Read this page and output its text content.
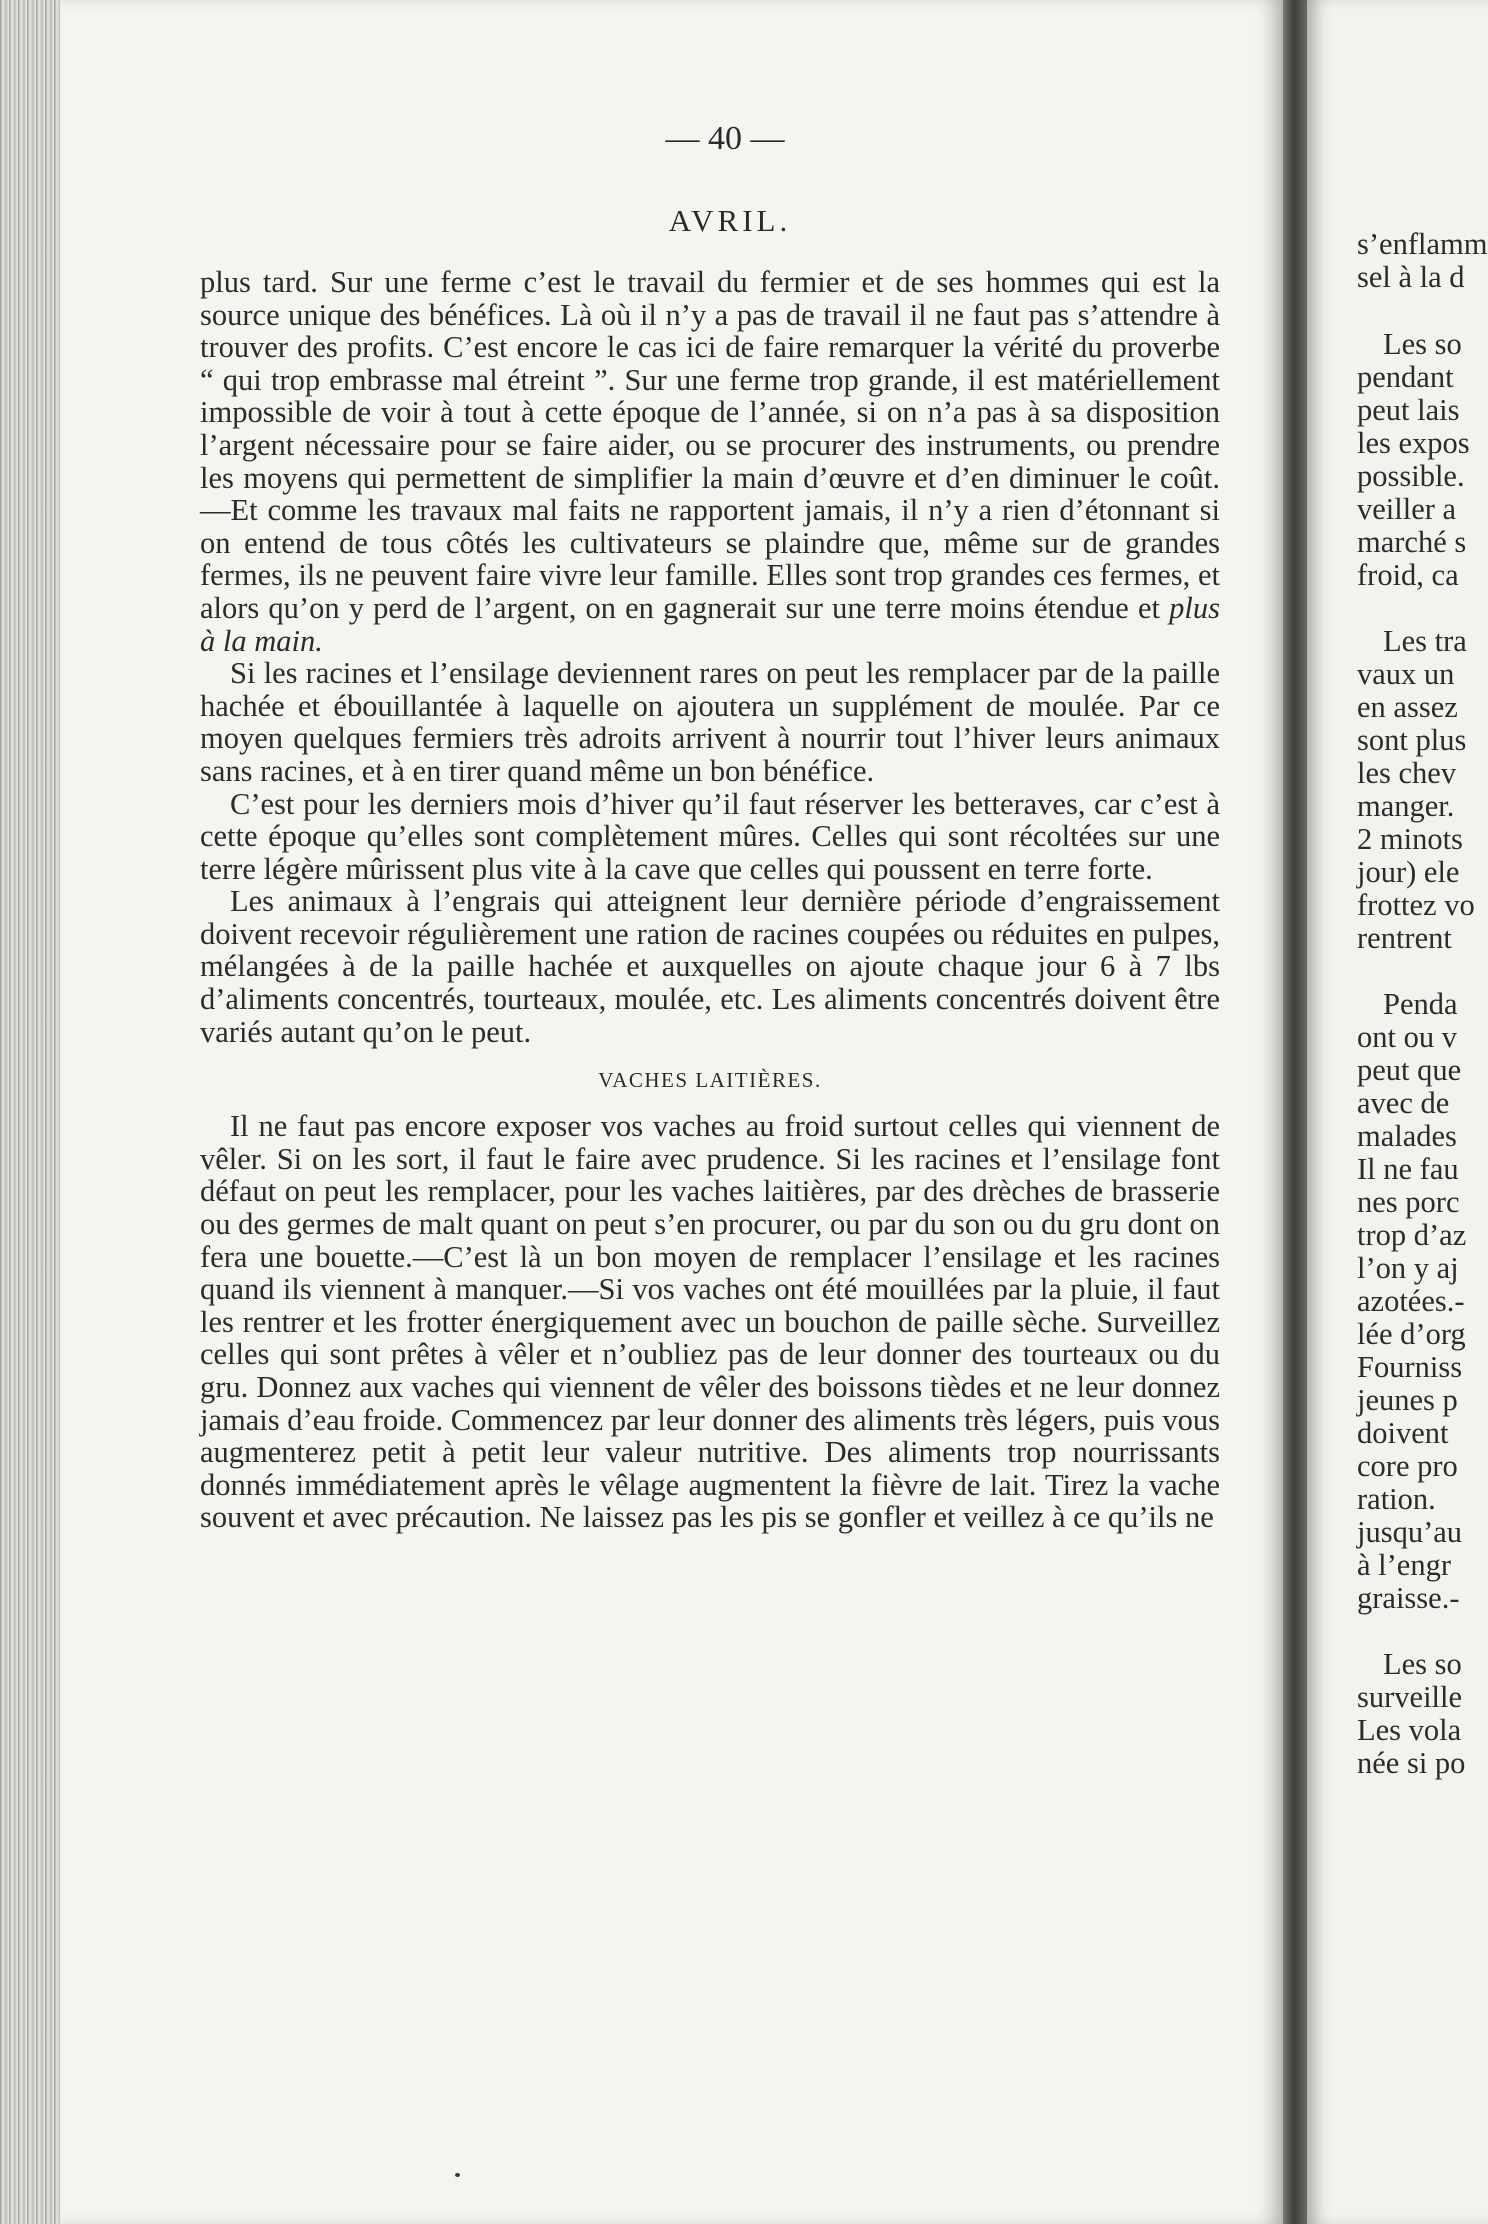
— 40 —
AVRIL.

plus tard. Sur une ferme c’est le travail du fermier et de ses hommes qui est la source unique des bénéfices. Là où il n’y a pas de travail il ne faut pas s’attendre à trouver des profits. C’est encore le cas ici de faire remarquer la vérité du proverbe “ qui trop embrasse mal étreint ”. Sur une ferme trop grande, il est matériellement impossible de voir à tout à cette époque de l’année, si on n’a pas à sa disposition l’argent nécessaire pour se faire aider, ou se procurer des instruments, ou prendre les moyens qui permettent de simplifier la main d’œuvre et d’en diminuer le coût.—Et comme les travaux mal faits ne rapportent jamais, il n’y a rien d’étonnant si on entend de tous côtés les cultivateurs se plaindre que, même sur de grandes fermes, ils ne peuvent faire vivre leur famille. Elles sont trop grandes ces fermes, et alors qu’on y perd de l’argent, on en gagnerait sur une terre moins étendue et plus à la main.

Si les racines et l’ensilage deviennent rares on peut les remplacer par de la paille hachée et ébouillantée à laquelle on ajoutera un supplément de moulée. Par ce moyen quelques fermiers très adroits arrivent à nourrir tout l’hiver leurs animaux sans racines, et à en tirer quand même un bon bénéfice.

C’est pour les derniers mois d’hiver qu’il faut réserver les betteraves, car c’est à cette époque qu’elles sont complètement mûres. Celles qui sont récoltées sur une terre légère mûrissent plus vite à la cave que celles qui poussent en terre forte.

Les animaux à l’engrais qui atteignent leur dernière période d’engraissement doivent recevoir régulièrement une ration de racines coupées ou réduites en pulpes, mélangées à de la paille hachée et auxquelles on ajoute chaque jour 6 à 7 lbs d’aliments concentrés, tourteaux, moulée, etc. Les aliments concentrés doivent être variés autant qu’on le peut.

VACHES LAITIÈRES.

Il ne faut pas encore exposer vos vaches au froid surtout celles qui viennent de vêler. Si on les sort, il faut le faire avec prudence. Si les racines et l’ensilage font défaut on peut les remplacer, pour les vaches laitières, par des drèches de brasserie ou des germes de malt quant on peut s’en procurer, ou par du son ou du gru dont on fera une bouette.—C’est là un bon moyen de remplacer l’ensilage et les racines quand ils viennent à manquer.—Si vos vaches ont été mouillées par la pluie, il faut les rentrer et les frotter énergiquement avec un bouchon de paille sèche. Surveillez celles qui sont prêtes à vêler et n’oubliez pas de leur donner des tourteaux ou du gru. Donnez aux vaches qui viennent de vêler des boissons tièdes et ne leur donnez jamais d’eau froide. Commencez par leur donner des aliments très légers, puis vous augmenterez petit à petit leur valeur nutritive. Des aliments trop nourrissants donnés immédiatement après le vêlage augmentent la fièvre de lait. Tirez la vache souvent et avec précaution. Ne laissez pas les pis se gonfler et veillez à ce qu’ils ne

s’enflamm
sel à la d
Les so
pendant
peut lais
les expos
possible.
veiller a
marché s
froid, ca
Les tra
vaux un
en assez
sont plus
les chev
manger.
2 minots
jour) ele
frottez vo
rentrent
Penda
ont ou v
peut que
avec de
malades
Il ne fau
nes porc
trop d’az
l’on y aj
azotées.-
lée d’org
Fourniss
jeunes p
doivent
core pro
ration.
jusqu’au
à l’engr
graisse.-
Les so
surveille
Les vola
née si po
